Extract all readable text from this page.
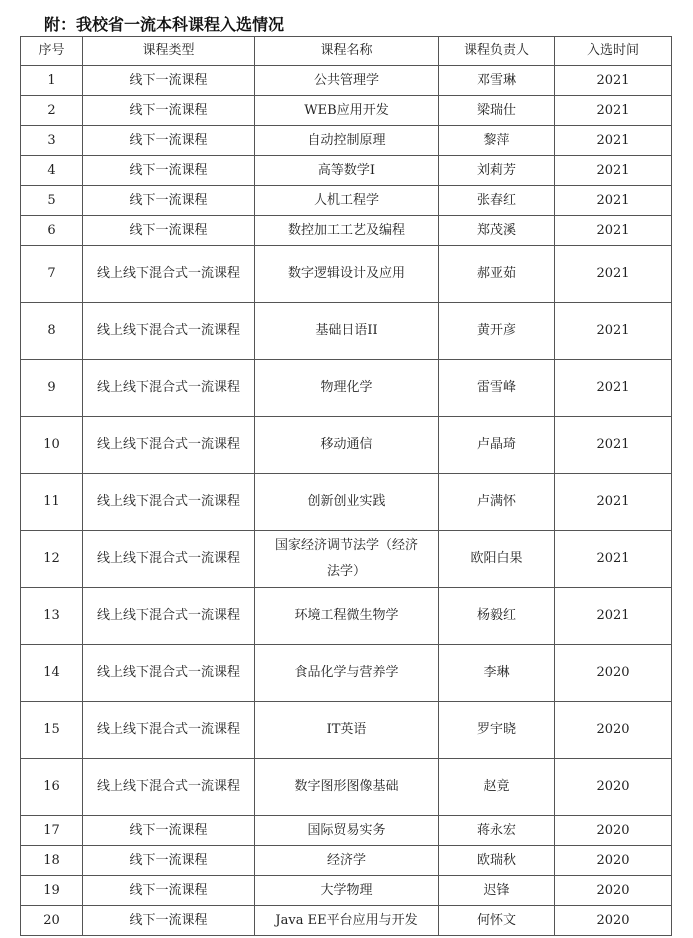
附：我校省一流本科课程入选情况
序号	课程类型	课程名称	课程负责人	入选时间
1	线下一流课程	公共管理学	邓雪琳	2021
2	线下一流课程	WEB应用开发	梁瑞仕	2021
3	线下一流课程	自动控制原理	黎萍	2021
4	线下一流课程	高等数学I	刘莉芳	2021
5	线下一流课程	人机工程学	张春红	2021
6	线下一流课程	数控加工工艺及编程	郑茂溪	2021
7	线上线下混合式一流课程	数字逻辑设计及应用	郝亚茹	2021
8	线上线下混合式一流课程	基础日语II	黄开彦	2021
9	线上线下混合式一流课程	物理化学	雷雪峰	2021
10	线上线下混合式一流课程	移动通信	卢晶琦	2021
11	线上线下混合式一流课程	创新创业实践	卢满怀	2021
12	线上线下混合式一流课程	国家经济调节法学（经济法学）	欧阳白果	2021
13	线上线下混合式一流课程	环境工程微生物学	杨毅红	2021
14	线上线下混合式一流课程	食品化学与营养学	李琳	2020
15	线上线下混合式一流课程	IT英语	罗宇晓	2020
16	线上线下混合式一流课程	数字图形图像基础	赵竟	2020
17	线下一流课程	国际贸易实务	蒋永宏	2020
18	线下一流课程	经济学	欧瑞秋	2020
19	线下一流课程	大学物理	迟锋	2020
20	线下一流课程	Java EE平台应用与开发	何怀文	2020
